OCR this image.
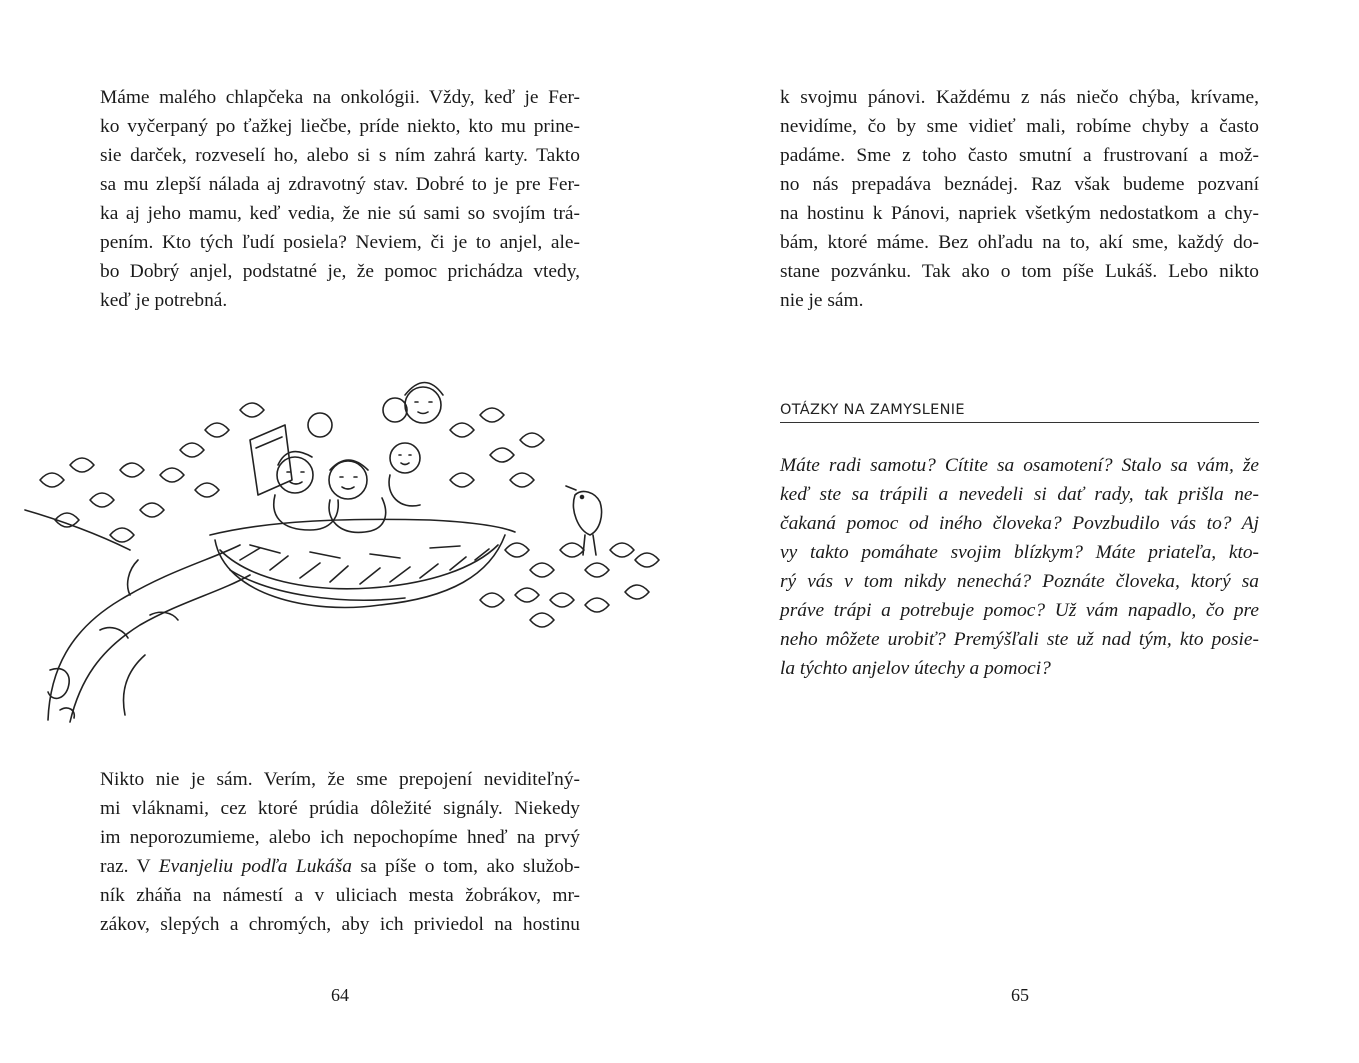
Máme malého chlapčeka na onkológii. Vždy, keď je Fer-
ko vyčerpaný po ťažkej liečbe, príde niekto, kto mu prine-
sie darček, rozveselí ho, alebo si s ním zahrá karty. Takto
sa mu zlepší nálada aj zdravotný stav. Dobré to je pre Fer-
ka aj jeho mamu, keď vedia, že nie sú sami so svojím trá-
pením. Kto tých ľudí posiela? Neviem, či je to anjel, ale-
bo Dobrý anjel, podstatné je, že pomoc prichádza vtedy,
keď je potrebná.

Nikto nie je sám. Verím, že sme prepojení neviditeľný-
mi vláknami, cez ktoré prúdia dôležité signály. Niekedy
im neporozumieme, alebo ich nepochopíme hneď na prvý
raz. V Evanjeliu podľa Lukáša sa píše o tom, ako služob-
ník zháňa na námestí a v uliciach mesta žobrákov, mr-
zákov, slepých a chromých, aby ich priviedol na hostinu

64

k svojmu pánovi. Každému z nás niečo chýba, krívame,
nevidíme, čo by sme vidieť mali, robíme chyby a často
padáme. Sme z toho často smutní a frustrovaní a mož-
no nás prepadáva beznádej. Raz však budeme pozvaní
na hostinu k Pánovi, napriek všetkým nedostatkom a chy-
bám, ktoré máme. Bez ohľadu na to, akí sme, každý do-
stane pozvánku. Tak ako o tom píše Lukáš. Lebo nikto
nie je sám.

OTÁZKY NA ZAMYSLENIE

Máte radi samotu? Cítite sa osamotení? Stalo sa vám, že
keď ste sa trápili a nevedeli si dať rady, tak prišla ne-
čakaná pomoc od iného človeka? Povzbudilo vás to? Aj
vy takto pomáhate svojim blízkym? Máte priateľa, kto-
rý vás v tom nikdy nenechá? Poznáte človeka, ktorý sa
práve trápi a potrebuje pomoc? Už vám napadlo, čo pre
neho môžete urobiť? Premýšľali ste už nad tým, kto posie-
la týchto anjelov útechy a pomoci?

65
